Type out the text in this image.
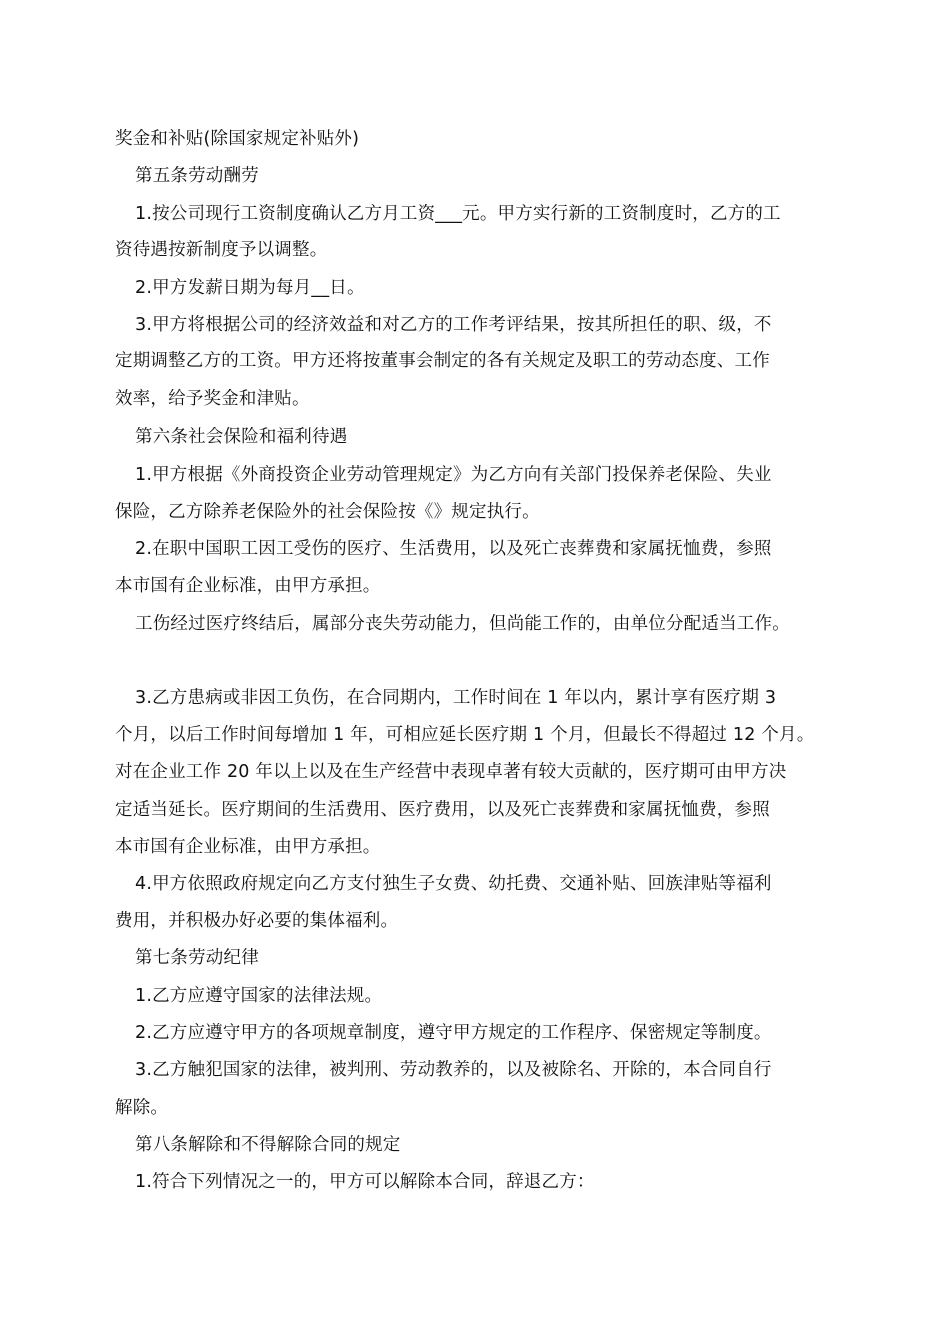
奖金和补贴(除国家规定补贴外)
第五条劳动酬劳
1.按公司现行工资制度确认乙方月工资___元。甲方实行新的工资制度时，乙方的工
资待遇按新制度予以调整。
2.甲方发薪日期为每月__日。
3.甲方将根据公司的经济效益和对乙方的工作考评结果，按其所担任的职、级，不
定期调整乙方的工资。甲方还将按董事会制定的各有关规定及职工的劳动态度、工作
效率，给予奖金和津贴。
第六条社会保险和福利待遇
1.甲方根据《外商投资企业劳动管理规定》为乙方向有关部门投保养老保险、失业
保险，乙方除养老保险外的社会保险按《》规定执行。
2.在职中国职工因工受伤的医疗、生活费用，以及死亡丧葬费和家属抚恤费，参照
本市国有企业标准，由甲方承担。
工伤经过医疗终结后，属部分丧失劳动能力，但尚能工作的，由单位分配适当工作。
3.乙方患病或非因工负伤，在合同期内，工作时间在 1 年以内，累计享有医疗期 3
个月，以后工作时间每增加 1 年，可相应延长医疗期 1 个月，但最长不得超过 12 个月。
对在企业工作 20 年以上以及在生产经营中表现卓著有较大贡献的，医疗期可由甲方决
定适当延长。医疗期间的生活费用、医疗费用，以及死亡丧葬费和家属抚恤费，参照
本市国有企业标准，由甲方承担。
4.甲方依照政府规定向乙方支付独生子女费、幼托费、交通补贴、回族津贴等福利
费用，并积极办好必要的集体福利。
第七条劳动纪律
1.乙方应遵守国家的法律法规。
2.乙方应遵守甲方的各项规章制度，遵守甲方规定的工作程序、保密规定等制度。
3.乙方触犯国家的法律，被判刑、劳动教养的，以及被除名、开除的，本合同自行
解除。
第八条解除和不得解除合同的规定
1.符合下列情况之一的，甲方可以解除本合同，辞退乙方：
